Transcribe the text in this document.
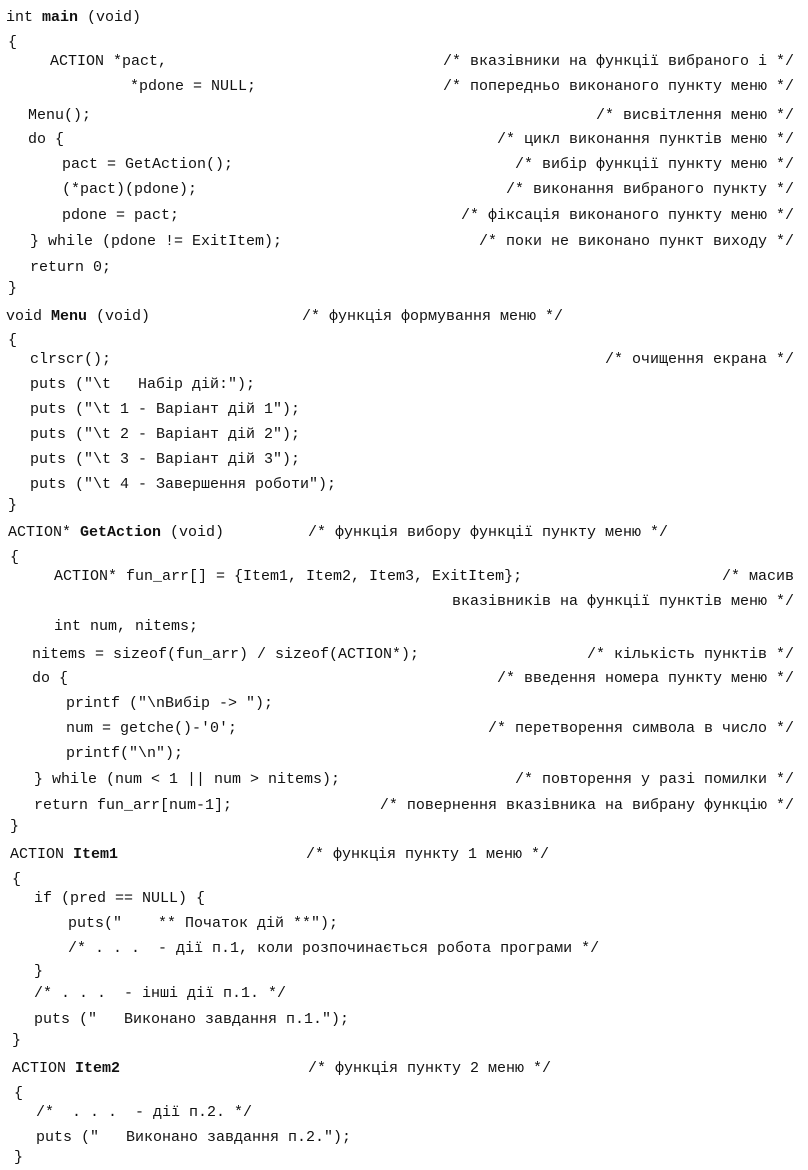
int main (void)
{
ACTION *pact,	/* вказівники на функції вибраного і */
*pdone = NULL;	/* попередньо виконаного пункту меню */
Menu();	/* висвітлення меню */
do {	/* цикл виконання пунктів меню */
pact = GetAction();	/* вибір функції пункту меню */
(*pact)(pdone);	/* виконання вибраного пункту */
pdone = pact;	/* фіксація виконаного пункту меню */
} while (pdone != ExitItem);	/* поки не виконано пункт виходу */
return 0;
}
void Menu (void)	/* функція формування меню */
{
clrscr();	/* очищення екрана */
puts ("\t   Набір дій:");
puts ("\t 1 - Варіант дій 1");
puts ("\t 2 - Варіант дій 2");
puts ("\t 3 - Варіант дій 3");
puts ("\t 4 - Завершення роботи");
}
ACTION* GetAction (void)	/* функція вибору функції пункту меню */
{
ACTION* fun_arr[] = {Item1, Item2, Item3, ExitItem};	/* масив
вказівників на функції пунктів меню */
int num, nitems;
nitems = sizeof(fun_arr) / sizeof(ACTION*);	/* кількість пунктів */
do {	/* введення номера пункту меню */
printf ("\nВибір -> ");
num = getche()-'0';	/* перетворення символа в число */
printf("\n");
} while (num < 1 || num > nitems);	/* повторення у разі помилки */
return fun_arr[num-1];	/* повернення вказівника на вибрану функцію */
}
ACTION Item1	/* функція пункту 1 меню */
{
if (pred == NULL) {
puts("    ** Початок дій **");
/* . . .  - дії п.1, коли розпочинається робота програми */
}
/* . . .  - інші дії п.1. */
puts ("   Виконано завдання п.1.");
}
ACTION Item2	/* функція пункту 2 меню */
{
/*  . . .  - дії п.2. */
puts ("   Виконано завдання п.2.");
}
